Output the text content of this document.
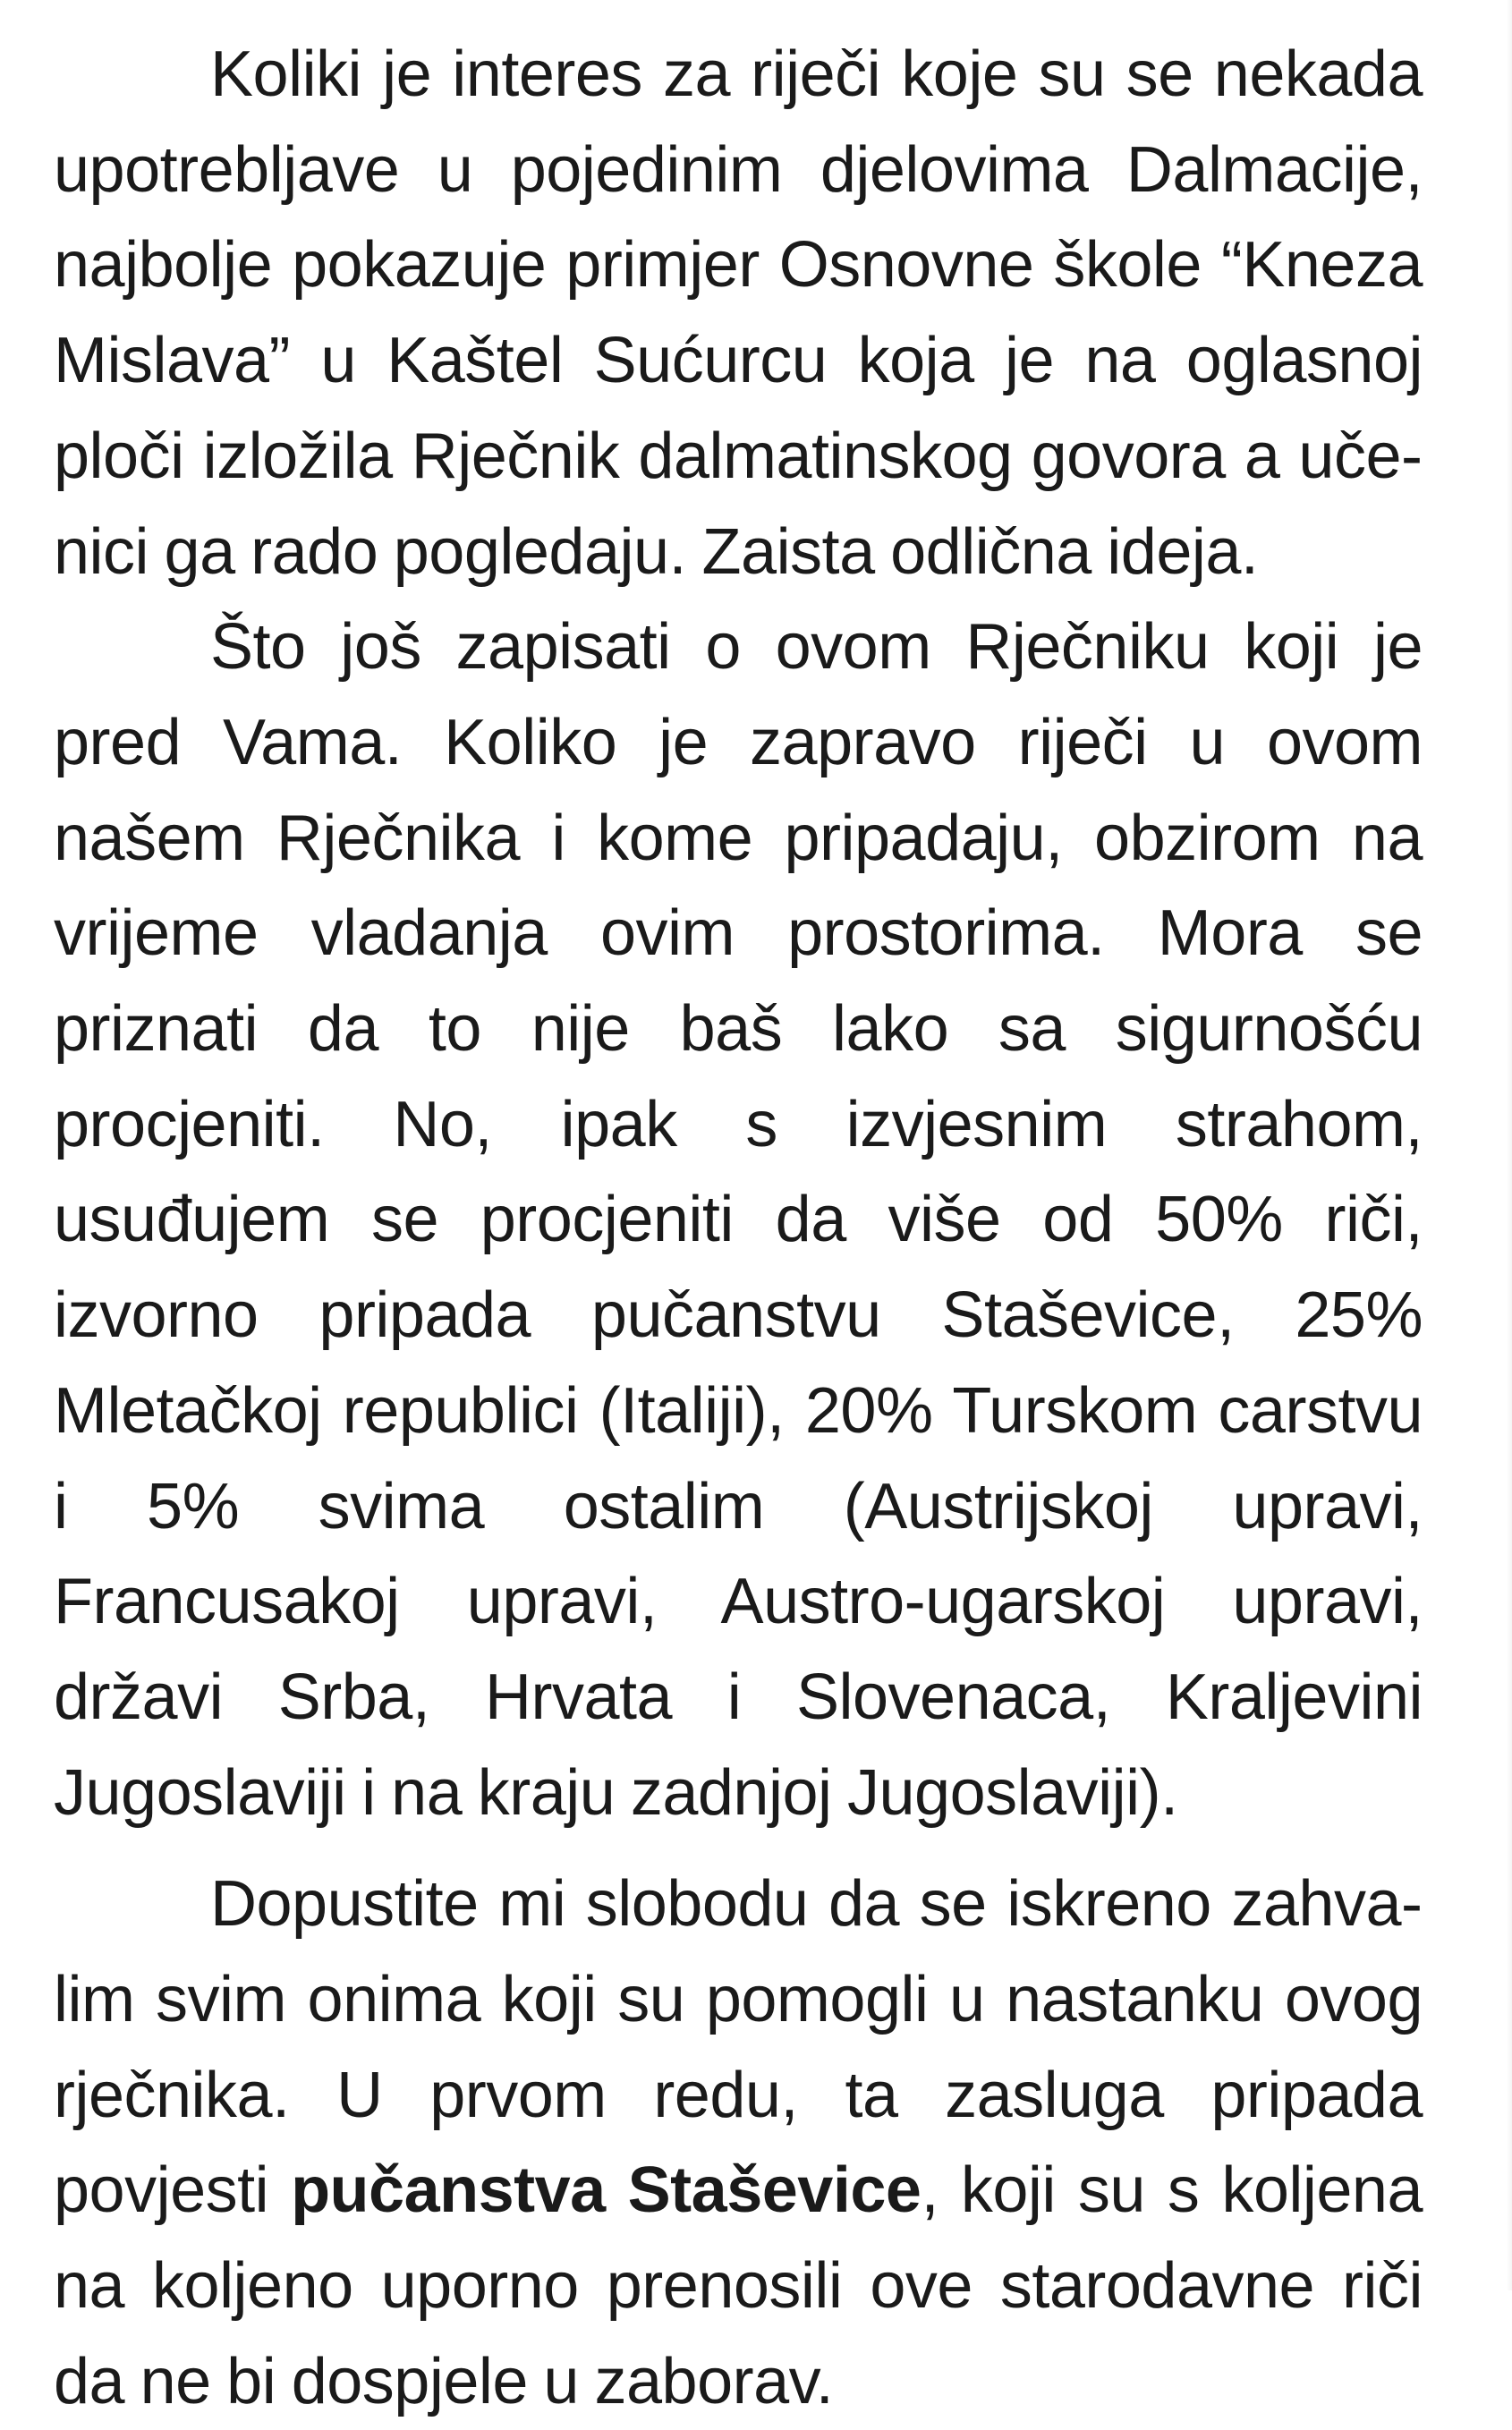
Koliki je interes za riječi koje su se nekada upotrebljave u pojedinim djelovima Dalmacije, najbolje pokazuje primjer Osnovne škole “Kneza Mislava” u Kaštel Sućurcu koja je na oglasnoj ploči izložila Rječnik dalmatinskog govora a učenici ga rado pogledaju. Zaista odlična ideja.

Što još zapisati o ovom Rječniku koji je pred Vama. Koliko je zapravo riječi u ovom našem Rječnika i kome pripadaju, obzirom na vrijeme vladanja ovim prostorima. Mora se priznati da to nije baš lako sa sigurnošću procjeniti. No, ipak s izvjesnim strahom, usuđujem se procjeniti da više od 50% riči, izvorno pripada pučanstvu Staševice, 25% Mletačkoj republici (Italiji), 20% Turskom carstvu i 5% svima ostalim (Austrijskoj upravi, Francusakoj upravi, Austro-ugarskoj upravi, državi Srba, Hrvata i Slovenaca, Kraljevini Jugoslaviji i na kraju zadnjoj Jugoslaviji).

Dopustite mi slobodu da se iskreno zahvalim svim onima koji su pomogli u nastanku ovog rječnika. U prvom redu, ta zasluga pripada povjesti pučanstva Staševice, koji su s koljena na koljeno uporno prenosili ove starodavne riči da ne bi dospjele u zaborav.
